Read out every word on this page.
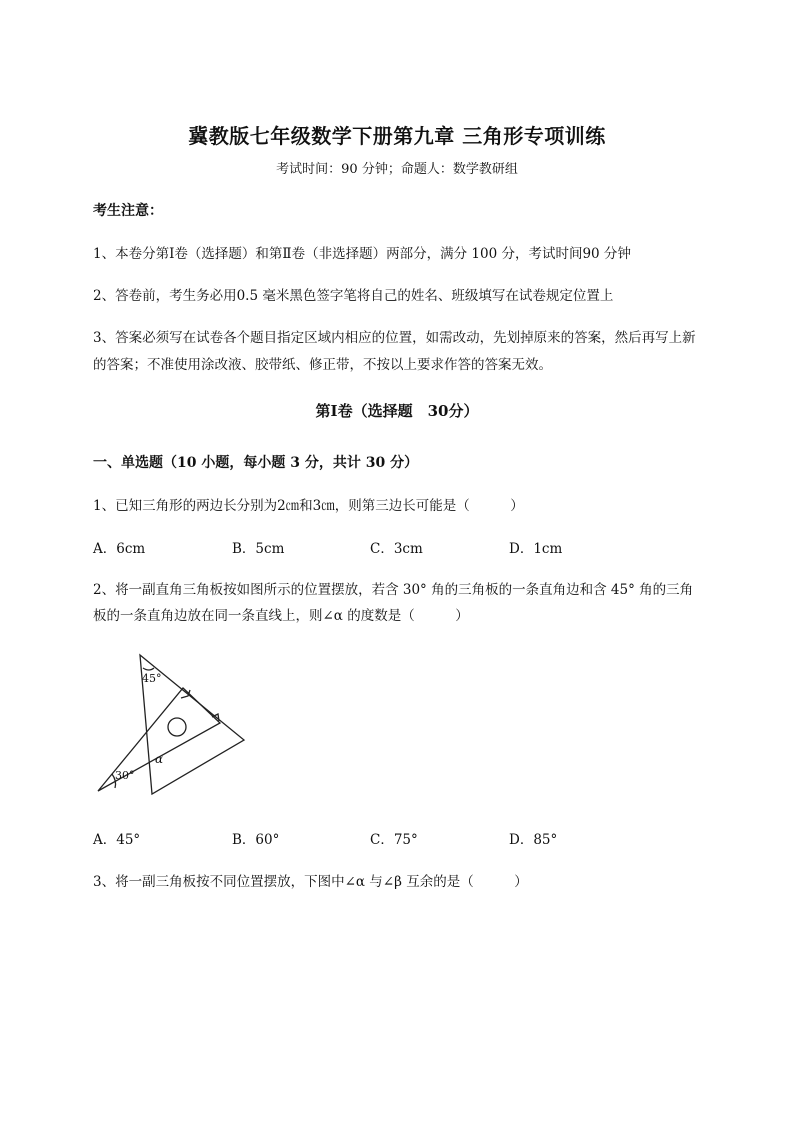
冀教版七年级数学下册第九章 三角形专项训练
考试时间：90 分钟；命题人：数学教研组
考生注意：
1、本卷分第Ⅰ卷（选择题）和第Ⅱ卷（非选择题）两部分，满分 100 分，考试时间90 分钟
2、答卷前，考生务必用0.5 毫米黑色签字笔将自己的姓名、班级填写在试卷规定位置上
3、答案必须写在试卷各个题目指定区域内相应的位置，如需改动，先划掉原来的答案，然后再写上新
的答案；不准使用涂改液、胶带纸、修正带，不按以上要求作答的答案无效。
第Ⅰ卷（选择题　30分）
一、单选题（10 小题，每小题 3 分，共计 30 分）
1、已知三角形的两边长分别为2㎝和3㎝，则第三边长可能是（　　　）
A．6cm	B．5cm	C．3cm	D．1cm
2、将一副直角三角板按如图所示的位置摆放，若含 30° 角的三角板的一条直角边和含 45° 角的三角
板的一条直角边放在同一条直线上，则∠α 的度数是（　　　）
45°
30°
α
A．45°	B．60°	C．75°	D．85°
3、将一副三角板按不同位置摆放，下图中∠α 与∠β 互余的是（　　　）
